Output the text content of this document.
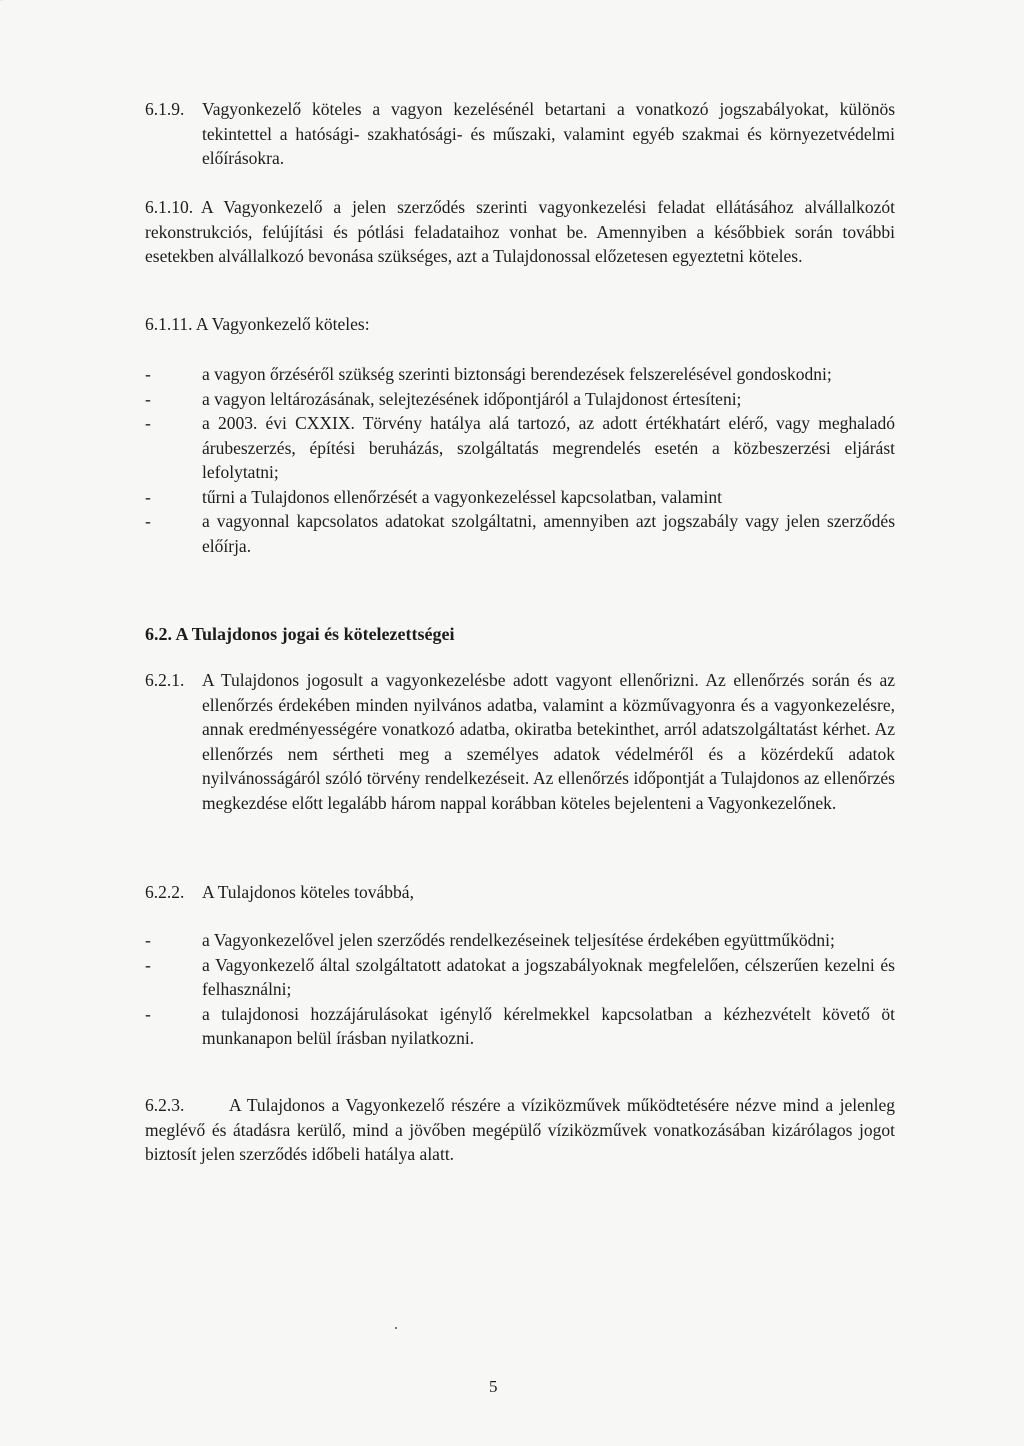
6.1.9. Vagyonkezelő köteles a vagyon kezelésénél betartani a vonatkozó jogszabályokat, különös tekintettel a hatósági- szakhatósági- és műszaki, valamint egyéb szakmai és környezetvédelmi előírásokra.
6.1.10. A Vagyonkezelő a jelen szerződés szerinti vagyonkezelési feladat ellátásához alvállalkozót rekonstrukciós, felújítási és pótlási feladataihoz vonhat be. Amennyiben a későbbiek során további esetekben alvállalkozó bevonása szükséges, azt a Tulajdonossal előzetesen egyeztetni köteles.
6.1.11. A Vagyonkezelő köteles:
-	a vagyon őrzéséről szükség szerinti biztonsági berendezések felszerelésével gondoskodni;
-	a vagyon leltározásának, selejtezésének időpontjáról a Tulajdonost értesíteni;
-	a 2003. évi CXXIX. Törvény hatálya alá tartozó, az adott értékhatárt elérő, vagy meghaladó árubeszerzés, építési beruházás, szolgáltatás megrendelés esetén a közbeszerzési eljárást lefolytatni;
-	tűrni a Tulajdonos ellenőrzését a vagyonkezeléssel kapcsolatban, valamint
-	a vagyonnal kapcsolatos adatokat szolgáltatni, amennyiben azt jogszabály vagy jelen szerződés előírja.
6.2. A Tulajdonos jogai és kötelezettségei
6.2.1. A Tulajdonos jogosult a vagyonkezelésbe adott vagyont ellenőrizni. Az ellenőrzés során és az ellenőrzés érdekében minden nyilvános adatba, valamint a közművagyonra és a vagyonkezelésre, annak eredményességére vonatkozó adatba, okiratba betekinthet, arról adatszolgáltatást kérhet. Az ellenőrzés nem sértheti meg a személyes adatok védelméről és a közérdekű adatok nyilvánosságáról szóló törvény rendelkezéseit. Az ellenőrzés időpontját a Tulajdonos az ellenőrzés megkezdése előtt legalább három nappal korábban köteles bejelenteni a Vagyonkezelőnek.
6.2.2. A Tulajdonos köteles továbbá,
-	a Vagyonkezelővel jelen szerződés rendelkezéseinek teljesítése érdekében együttműködni;
-	a Vagyonkezelő által szolgáltatott adatokat a jogszabályoknak megfelelően, célszerűen kezelni és felhasználni;
-	a tulajdonosi hozzájárulásokat igénylő kérelmekkel kapcsolatban a kézhezvételt követő öt munkanapon belül írásban nyilatkozni.
6.2.3.	A Tulajdonos a Vagyonkezelő részére a víziközművek működtetésére nézve mind a jelenleg meglévő és átadásra kerülő, mind a jövőben megépülő víziközművek vonatkozásában kizárólagos jogot biztosít jelen szerződés időbeli hatálya alatt.
5
